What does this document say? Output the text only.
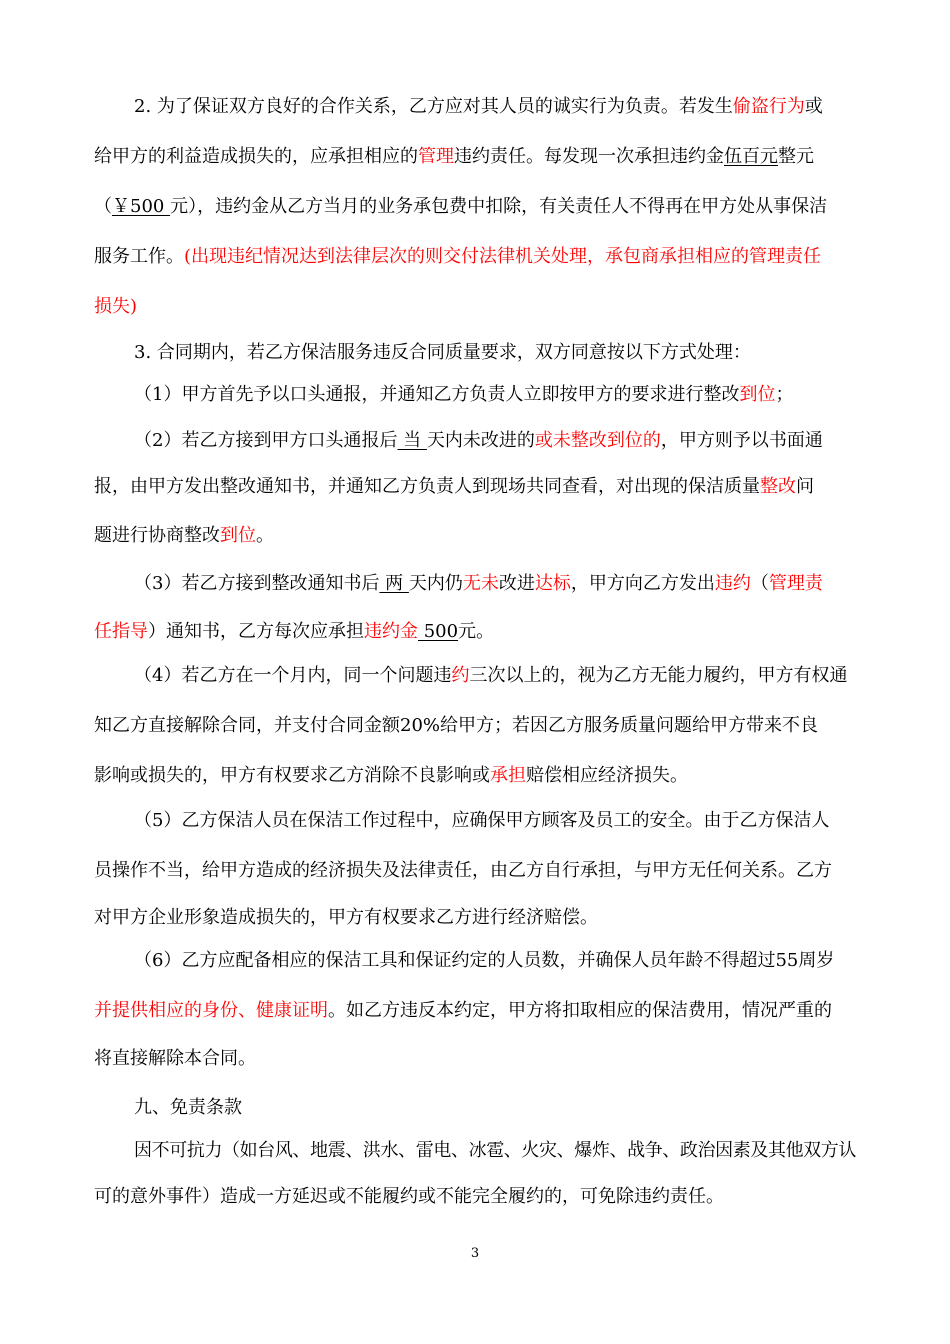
2. 为了保证双方良好的合作关系，乙方应对其人员的诚实行为负责。若发生偷盗行为或
给甲方的利益造成损失的，应承担相应的管理违约责任。每发现一次承担违约金伍百元整元
（￥500 元），违约金从乙方当月的业务承包费中扣除，有关责任人不得再在甲方处从事保洁
服务工作。(出现违纪情况达到法律层次的则交付法律机关处理，承包商承担相应的管理责任
损失)
3. 合同期内，若乙方保洁服务违反合同质量要求，双方同意按以下方式处理：
（1）甲方首先予以口头通报，并通知乙方负责人立即按甲方的要求进行整改到位；
（2）若乙方接到甲方口头通报后 当 天内未改进的或未整改到位的，甲方则予以书面通
报，由甲方发出整改通知书，并通知乙方负责人到现场共同查看，对出现的保洁质量整改问
题进行协商整改到位。
（3）若乙方接到整改通知书后 两 天内仍无未改进达标，甲方向乙方发出违约（管理责
任指导）通知书，乙方每次应承担违约金 500元。
（4）若乙方在一个月内，同一个问题违约三次以上的，视为乙方无能力履约，甲方有权通
知乙方直接解除合同，并支付合同金额20%给甲方；若因乙方服务质量问题给甲方带来不良
影响或损失的，甲方有权要求乙方消除不良影响或承担赔偿相应经济损失。
（5）乙方保洁人员在保洁工作过程中，应确保甲方顾客及员工的安全。由于乙方保洁人
员操作不当，给甲方造成的经济损失及法律责任，由乙方自行承担，与甲方无任何关系。乙方
对甲方企业形象造成损失的，甲方有权要求乙方进行经济赔偿。
（6）乙方应配备相应的保洁工具和保证约定的人员数，并确保人员年龄不得超过55周岁
并提供相应的身份、健康证明。如乙方违反本约定，甲方将扣取相应的保洁费用，情况严重的
将直接解除本合同。
九、免责条款
因不可抗力（如台风、地震、洪水、雷电、冰雹、火灾、爆炸、战争、政治因素及其他双方认
可的意外事件）造成一方延迟或不能履约或不能完全履约的，可免除违约责任。
3
